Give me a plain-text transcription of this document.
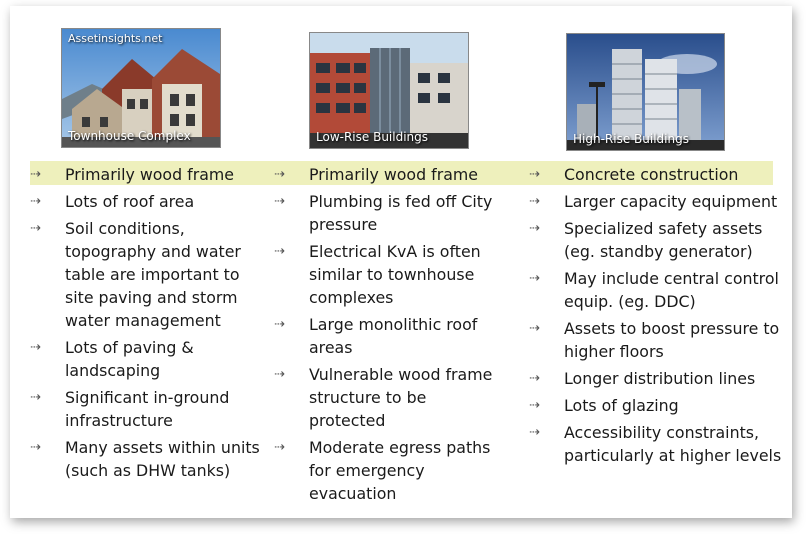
Assetinsights.net
Townhouse Complex	Low-Rise Buildings	High-Rise Buildings
⇢	Primarily wood frame
⇢	Lots of roof area
⇢	Soil conditions, topography and water table are important to site paving and storm water management
⇢	Lots of paving & landscaping
⇢	Significant in-ground infrastructure
⇢	Many assets within units (such as DHW tanks)
⇢	Primarily wood frame
⇢	Plumbing is fed off City pressure
⇢	Electrical KvA is often similar to townhouse complexes
⇢	Large monolithic roof areas
⇢	Vulnerable wood frame structure to be protected
⇢	Moderate egress paths for emergency evacuation
⇢	Concrete construction
⇢	Larger capacity equipment
⇢	Specialized safety assets (eg. standby generator)
⇢	May include central control equip. (eg. DDC)
⇢	Assets to boost pressure to higher floors
⇢	Longer distribution lines
⇢	Lots of glazing
⇢	Accessibility constraints, particularly at higher levels
